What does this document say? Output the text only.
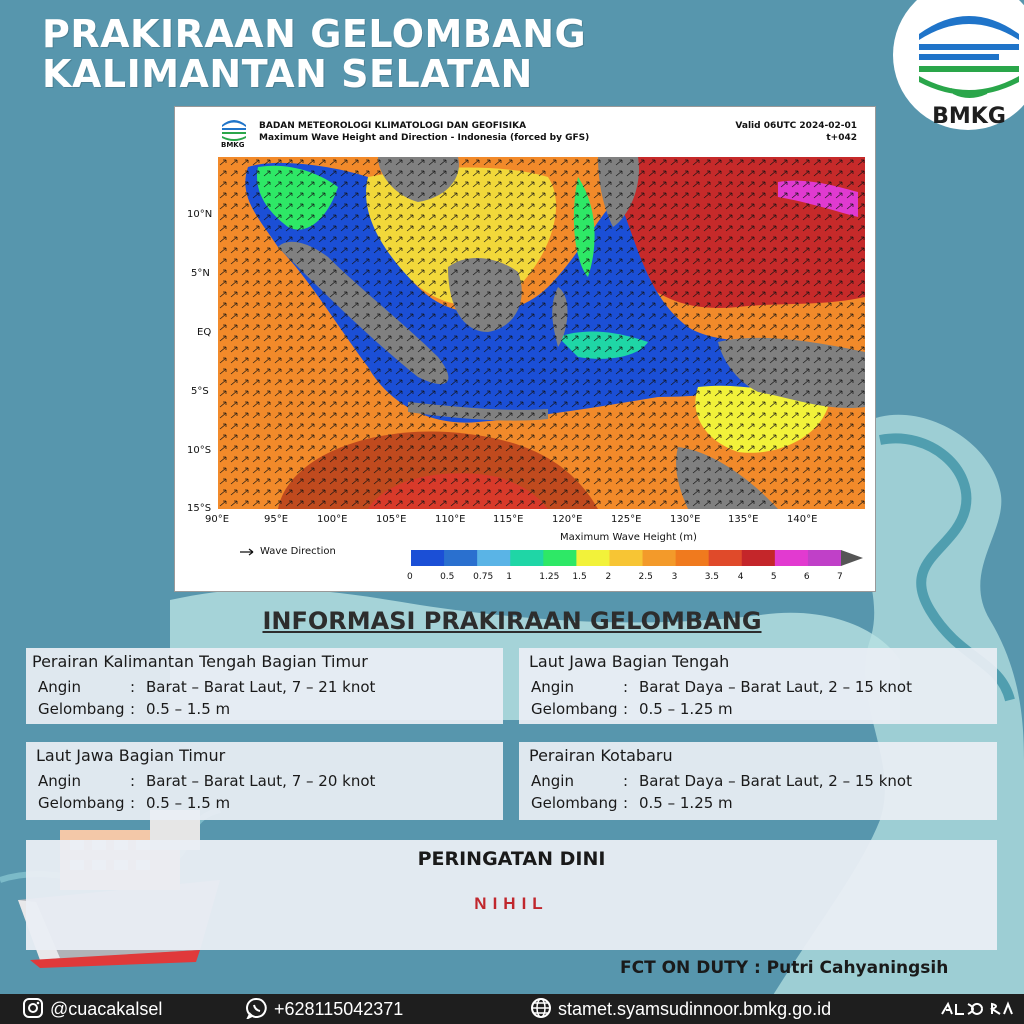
PRAKIRAAN GELOMBANG
KALIMANTAN SELATAN
BMKG
BMKG
BADAN METEOROLOGI KLIMATOLOGI DAN GEOFISIKA
Maximum Wave Height and Direction - Indonesia (forced by GFS)
Valid 06UTC 2024-02-01
t+042
10°N
5°N
EQ
5°S
10°S
15°S
90°E	95°E	100°E	105°E	110°E	115°E	120°E	125°E	130°E	135°E	140°E
Wave Direction
Maximum Wave Height (m)
0	0.5 0.75 1	1.25 1.5 2	2.5 3	3.5 4	5	6	7
INFORMASI PRAKIRAAN GELOMBANG
Perairan Kalimantan Tengah Bagian Timur
Angin	: Barat – Barat Laut, 7 – 21 knot
Gelombang : 0.5 – 1.5 m
Laut Jawa Bagian Tengah
Angin	: Barat Daya – Barat Laut, 2 – 15 knot
Gelombang : 0.5 – 1.25 m
Laut Jawa Bagian Timur
Angin	: Barat – Barat Laut, 7 – 20 knot
Gelombang : 0.5 – 1.5 m
Perairan Kotabaru
Angin	: Barat Daya – Barat Laut, 2 – 15 knot
Gelombang : 0.5 – 1.25 m
PERINGATAN DINI
NIHIL
FCT ON DUTY : Putri Cahyaningsih
@cuacakalsel	+628115042371	stamet.syamsudinnoor.bmkg.go.id
